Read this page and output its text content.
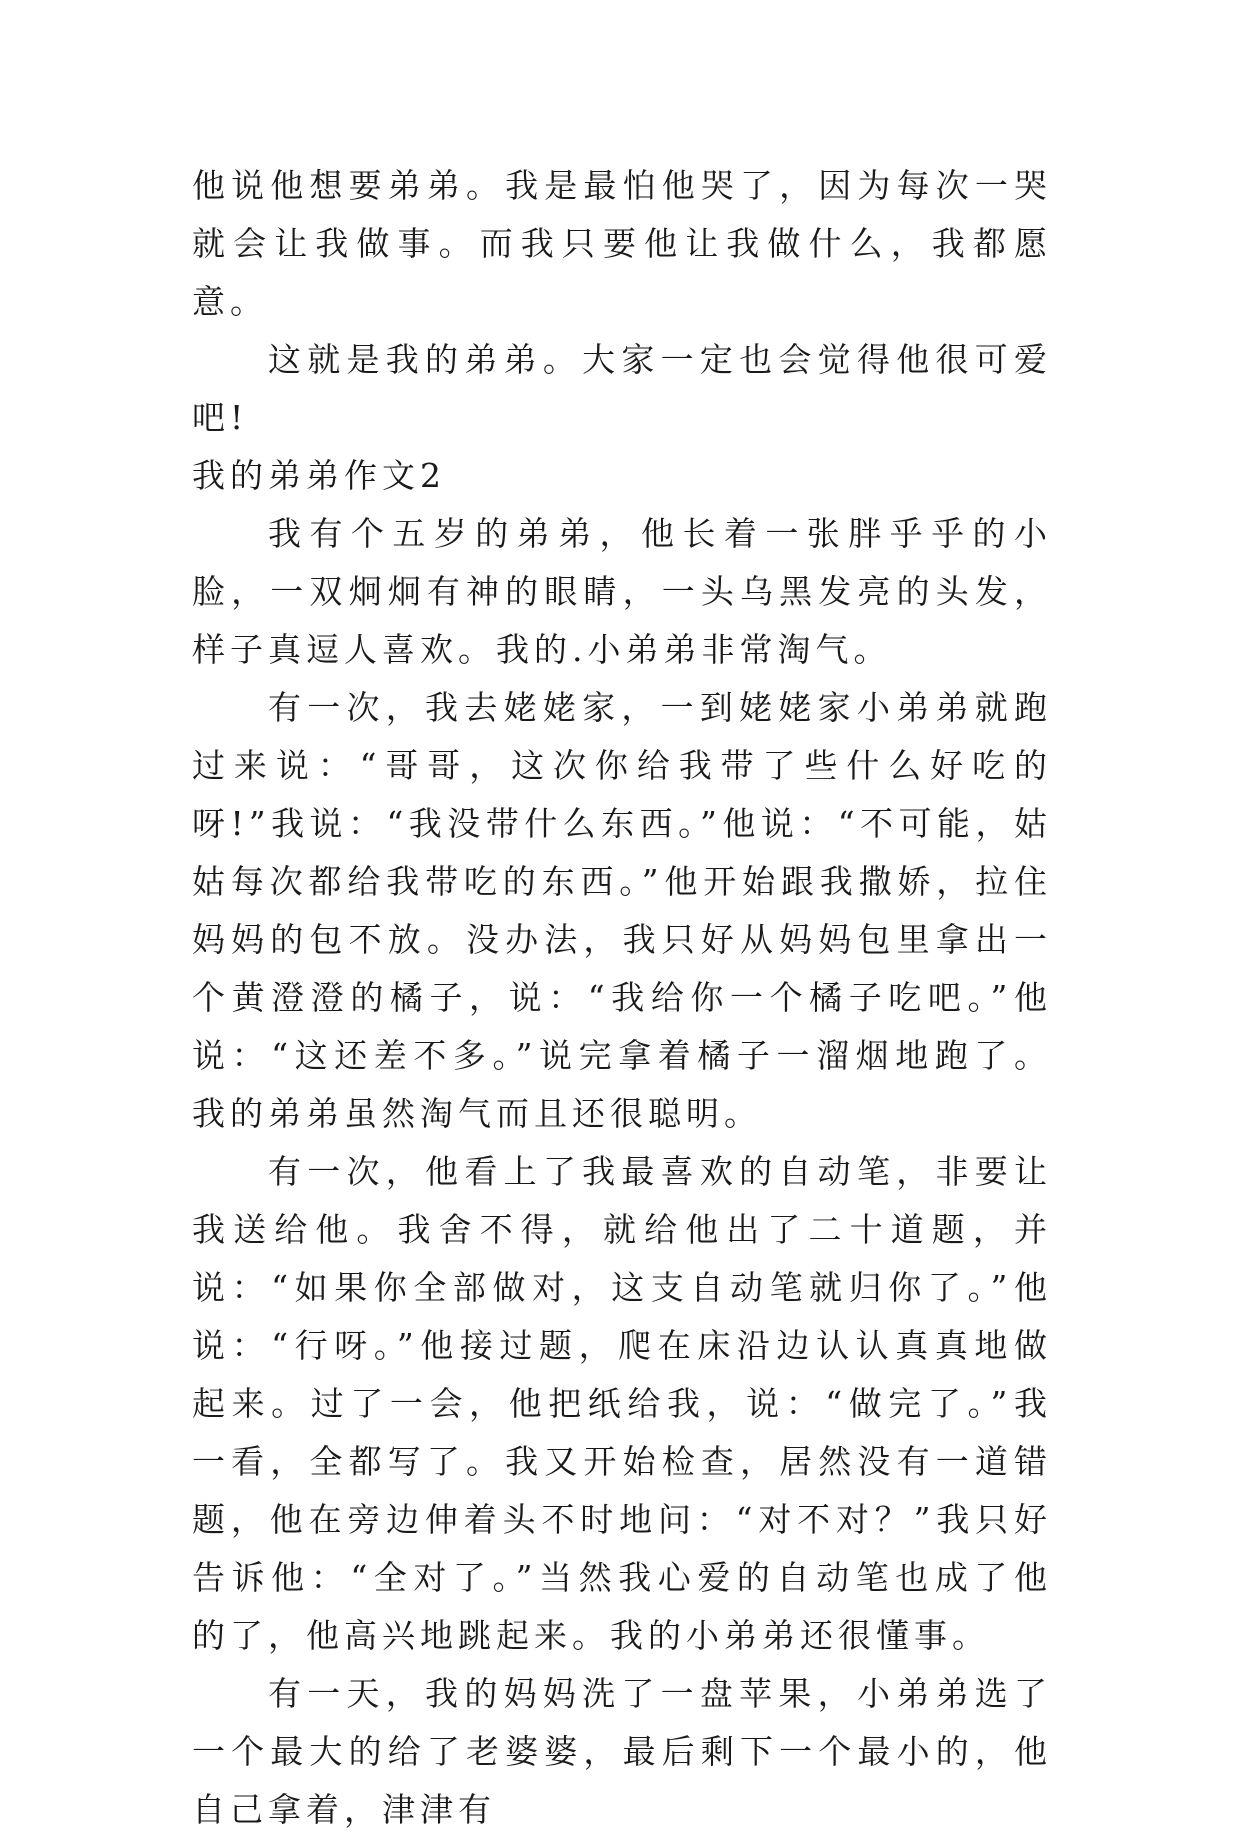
他说他想要弟弟。我是最怕他哭了，因为每次一哭就会让我做事。而我只要他让我做什么，我都愿意。

这就是我的弟弟。大家一定也会觉得他很可爱吧!

我的弟弟作文2

我有个五岁的弟弟，他长着一张胖乎乎的小脸，一双炯炯有神的眼睛，一头乌黑发亮的头发，样子真逗人喜欢。我的.小弟弟非常淘气。

有一次，我去姥姥家，一到姥姥家小弟弟就跑过来说：“哥哥，这次你给我带了些什么好吃的呀!”我说：“我没带什么东西。”他说：“不可能，姑姑每次都给我带吃的东西。”他开始跟我撒娇，拉住妈妈的包不放。没办法，我只好从妈妈包里拿出一个黄澄澄的橘子，说：“我给你一个橘子吃吧。”他说：“这还差不多。”说完拿着橘子一溜烟地跑了。我的弟弟虽然淘气而且还很聪明。

有一次，他看上了我最喜欢的自动笔，非要让我送给他。我舍不得，就给他出了二十道题，并说：“如果你全部做对，这支自动笔就归你了。”他说：“行呀。”他接过题，爬在床沿边认认真真地做起来。过了一会，他把纸给我，说：“做完了。”我一看，全都写了。我又开始检查，居然没有一道错题，他在旁边伸着头不时地问：“对不对？”我只好告诉他：“全对了。”当然我心爱的自动笔也成了他的了，他高兴地跳起来。我的小弟弟还很懂事。

有一天，我的妈妈洗了一盘苹果，小弟弟选了一个最大的给了老婆婆，最后剩下一个最小的，他自己拿着，津津有
